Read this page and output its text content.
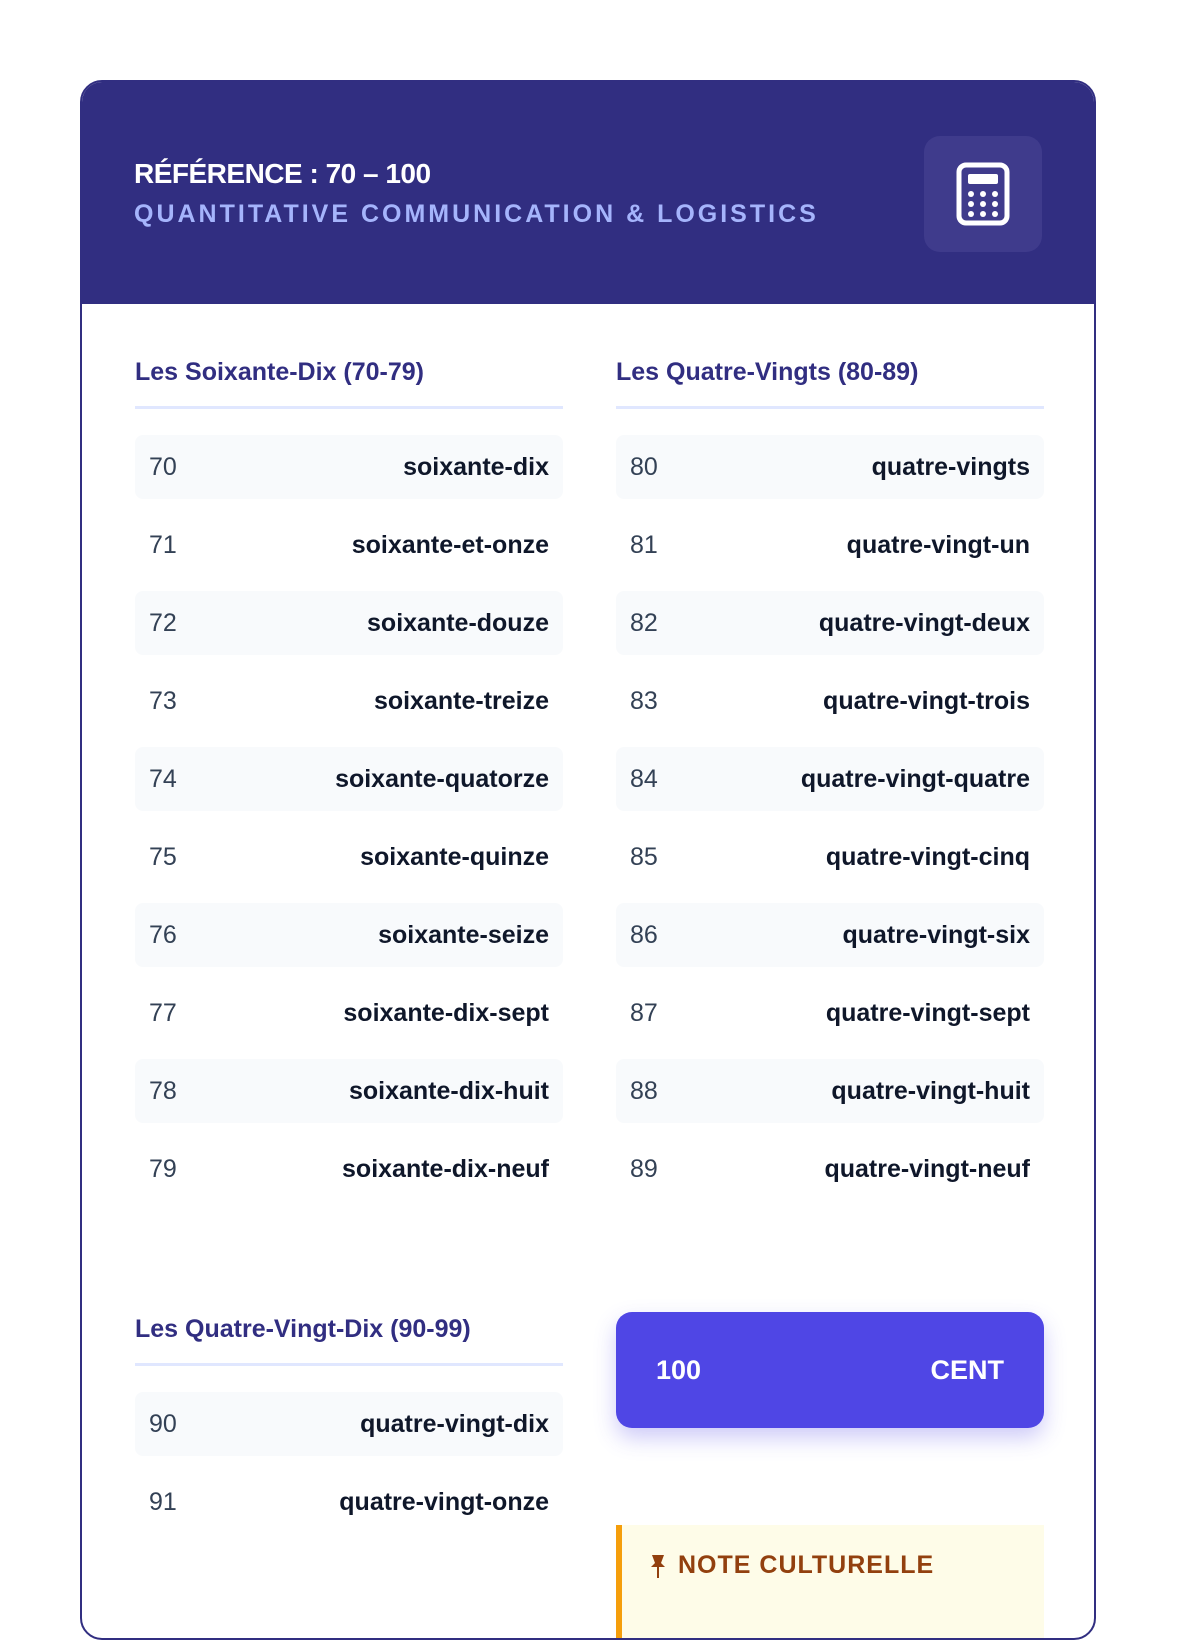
RÉFÉRENCE : 70 – 100
QUANTITATIVE COMMUNICATION & LOGISTICS
Les Soixante-Dix (70-79)
70	soixante-dix
71	soixante-et-onze
72	soixante-douze
73	soixante-treize
74	soixante-quatorze
75	soixante-quinze
76	soixante-seize
77	soixante-dix-sept
78	soixante-dix-huit
79	soixante-dix-neuf
Les Quatre-Vingts (80-89)
80	quatre-vingts
81	quatre-vingt-un
82	quatre-vingt-deux
83	quatre-vingt-trois
84	quatre-vingt-quatre
85	quatre-vingt-cinq
86	quatre-vingt-six
87	quatre-vingt-sept
88	quatre-vingt-huit
89	quatre-vingt-neuf
Les Quatre-Vingt-Dix (90-99)
90	quatre-vingt-dix
91	quatre-vingt-onze
100	CENT
NOTE CULTURELLE
